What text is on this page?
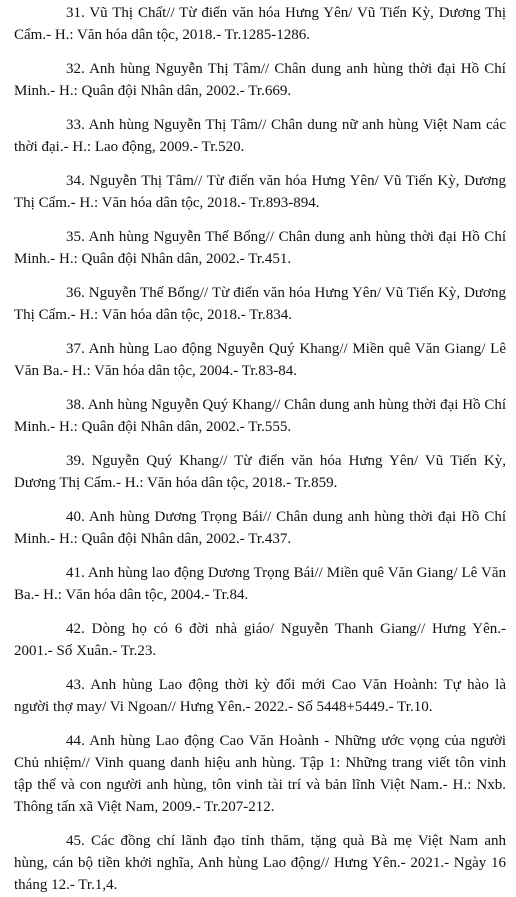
31. Vũ Thị Chất// Từ điển văn hóa Hưng Yên/ Vũ Tiến Kỳ, Dương Thị Cẩm.- H.: Văn hóa dân tộc, 2018.- Tr.1285-1286.

32. Anh hùng Nguyễn Thị Tâm// Chân dung anh hùng thời đại Hồ Chí Minh.- H.: Quân đội Nhân dân, 2002.- Tr.669.

33. Anh hùng Nguyễn Thị Tâm// Chân dung nữ anh hùng Việt Nam các thời đại.- H.: Lao động, 2009.- Tr.520.

34. Nguyễn Thị Tâm// Từ điển văn hóa Hưng Yên/ Vũ Tiến Kỳ, Dương Thị Cẩm.- H.: Văn hóa dân tộc, 2018.- Tr.893-894.

35. Anh hùng Nguyễn Thế Bổng// Chân dung anh hùng thời đại Hồ Chí Minh.- H.: Quân đội Nhân dân, 2002.- Tr.451.

36. Nguyễn Thế Bổng// Từ điển văn hóa Hưng Yên/ Vũ Tiến Kỳ, Dương Thị Cẩm.- H.: Văn hóa dân tộc, 2018.- Tr.834.

37. Anh hùng Lao động Nguyễn Quý Khang// Miền quê Văn Giang/ Lê Văn Ba.- H.: Văn hóa dân tộc, 2004.- Tr.83-84.

38. Anh hùng Nguyễn Quý Khang// Chân dung anh hùng thời đại Hồ Chí Minh.- H.: Quân đội Nhân dân, 2002.- Tr.555.

39. Nguyễn Quý Khang// Từ điển văn hóa Hưng Yên/ Vũ Tiến Kỳ, Dương Thị Cẩm.- H.: Văn hóa dân tộc, 2018.- Tr.859.

40. Anh hùng Dương Trọng Bái// Chân dung anh hùng thời đại Hồ Chí Minh.- H.: Quân đội Nhân dân, 2002.- Tr.437.

41. Anh hùng lao động Dương Trọng Bái// Miền quê Văn Giang/ Lê Văn Ba.- H.: Văn hóa dân tộc, 2004.- Tr.84.

42. Dòng họ có 6 đời nhà giáo/ Nguyễn Thanh Giang// Hưng Yên.- 2001.- Số Xuân.- Tr.23.

43. Anh hùng Lao động thời kỳ đổi mới Cao Văn Hoành: Tự hào là người thợ may/ Vi Ngoan// Hưng Yên.- 2022.- Số 5448+5449.- Tr.10.

44. Anh hùng Lao động Cao Văn Hoành - Những ước vọng của người Chủ nhiệm// Vinh quang danh hiệu anh hùng. Tập 1: Những trang viết tôn vinh tập thể và con người anh hùng, tôn vinh tài trí và bản lĩnh Việt Nam.- H.: Nxb. Thông tấn xã Việt Nam, 2009.- Tr.207-212.

45. Các đồng chí lãnh đạo tỉnh thăm, tặng quà Bà mẹ Việt Nam anh hùng, cán bộ tiền khởi nghĩa, Anh hùng Lao động// Hưng Yên.- 2021.- Ngày 16 tháng 12.- Tr.1,4.
